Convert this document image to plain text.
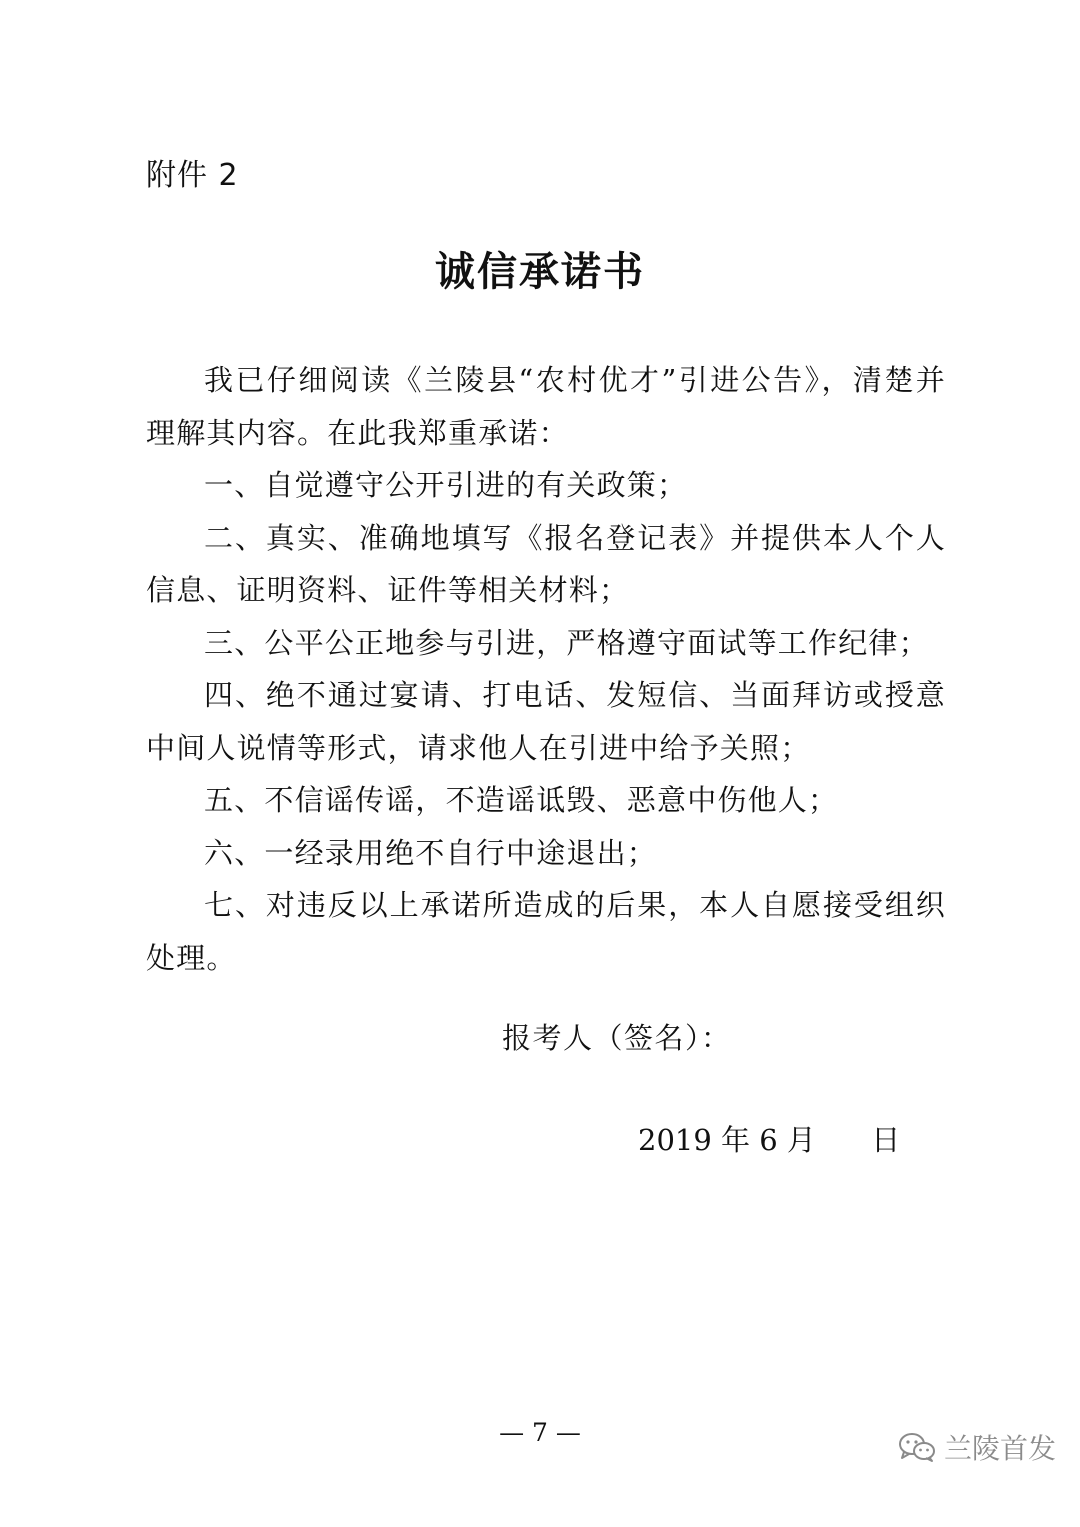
附件 2
诚信承诺书

我已仔细阅读《兰陵县“农村优才”引进公告》，清楚并理解其内容。在此我郑重承诺：

一、自觉遵守公开引进的有关政策；

二、真实、准确地填写《报名登记表》并提供本人个人信息、证明资料、证件等相关材料；

三、公平公正地参与引进，严格遵守面试等工作纪律；

四、绝不通过宴请、打电话、发短信、当面拜访或授意中间人说情等形式，请求他人在引进中给予关照；

五、不信谣传谣，不造谣诋毁、恶意中伤他人；

六、一经录用绝不自行中途退出；

七、对违反以上承诺所造成的后果，本人自愿接受组织处理。

报考人（签名）：
2019 年 6 月      日
— 7 —	兰陵首发
